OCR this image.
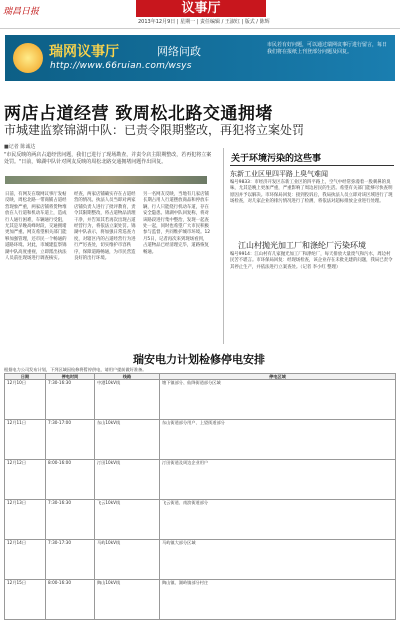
瑞昌日报	议事厅
2013年12月9日 | 星期一 | 责任编辑 / 王淑红 | 版式 / 陈辉
瑞网议事厅	网络问政
http://www.66ruian.com/wsys
市民若有好问题，可以通过瑞网议事厅进行留言，每日我们将在报纸上刊登部分问题及回复。
两店占道经营 致周松北路交通拥堵
市城建监察锦湖中队：已责令限期整改，再犯将立案处罚
■记者 陈诚达
"市民反映的两店占道经营问题，我们已进行了现场勘查，并责令店主限期整改，若再犯将立案处罚。"日前，锦湖中队针对网友反映的周松北路交通拥堵问题作出回复。
日前，有网友在瑞网议事厅发帖反映，周松北路一带商铺占道经营现象严重，两家店铺将货物堆放在人行道和机动车道上，造成行人通行困难，车辆通行受阻，尤其是早晚高峰时段，交通拥堵更加严重。网友希望相关部门能够加强管理，还市民一个畅通的道路环境。对此，市城建监察锦湖中队高度重视，立即派出执法人员前往现场进行调查核实。
经查，两家店铺确实存在占道经营的情况。执法人员当即对两家店铺负责人进行了批评教育，责令其限期整改，将占道物品清理干净，并告知其若再次出现占道经营行为，将依法立案处罚。锦湖中队表示，将加强日常巡查力度，对辖区内的占道经营行为进行严厉查处，切实维护市容秩序，保障道路畅通，为市民营造良好的出行环境。
另一名网友反映，当地有几家店铺长期占用人行道摆放商品和停放车辆，行人只能绕行机动车道，存在安全隐患。锦湖中队回复称，将对该路段进行集中整治，发现一起查处一起，同时也希望广大市民积极参与监督，共同维护城市环境。12月5日，记者再次来到现场看到，占道物品已经清理完毕，道路恢复畅通。
关于环境污染的这些事
东新工业区里四平路上臭气难闻
编号9833：市经济开发区东新工业区的四平路上，空气中经常弥漫着一股刺鼻的臭味，尤其是晚上更加严重，严重影响了周边居民的生活。希望有关部门能够尽快查明原因并予以解决。市环保局回复：接到投诉后，我局执法人员立即对该区域进行了现场检查，对几家企业的排污情况进行了检测，将依法对超标排放企业进行处理。
江山村抛光加工厂和涤纶厂污染环境
编号9914：江山村有几家抛光加工厂和涤纶厂，每天排放大量废气和污水，周边村民苦不堪言。市环保局回复：经现场检查，该企业存在未批先建的问题，我局已责令其停止生产，并依法进行立案查处。（记者 李小红 整理）
瑞安电力计划检修停电安排
根据电力公司发布计划，下列区域因检修将暂停供电，请用户提前做好准备。
日期	停电时间	线路	停电区域
12月10日	7:30-16:30	中港10kV线	塘下镇部分、仙降街道部分区域
12月11日	7:30-17:00	东山10kV线	东山街道部分用户、上望街道部分
12月12日	8:00-16:00	汀田10kV线	汀田街道及周边企业用户
12月13日	7:30-16:30	飞云10kV线	飞云街道、南滨街道部分
12月14日	7:30-17:30	马屿10kV线	马屿镇大部分区域
12月15日	8:00-16:30	陶山10kV线	陶山镇、湖岭镇部分村庄
